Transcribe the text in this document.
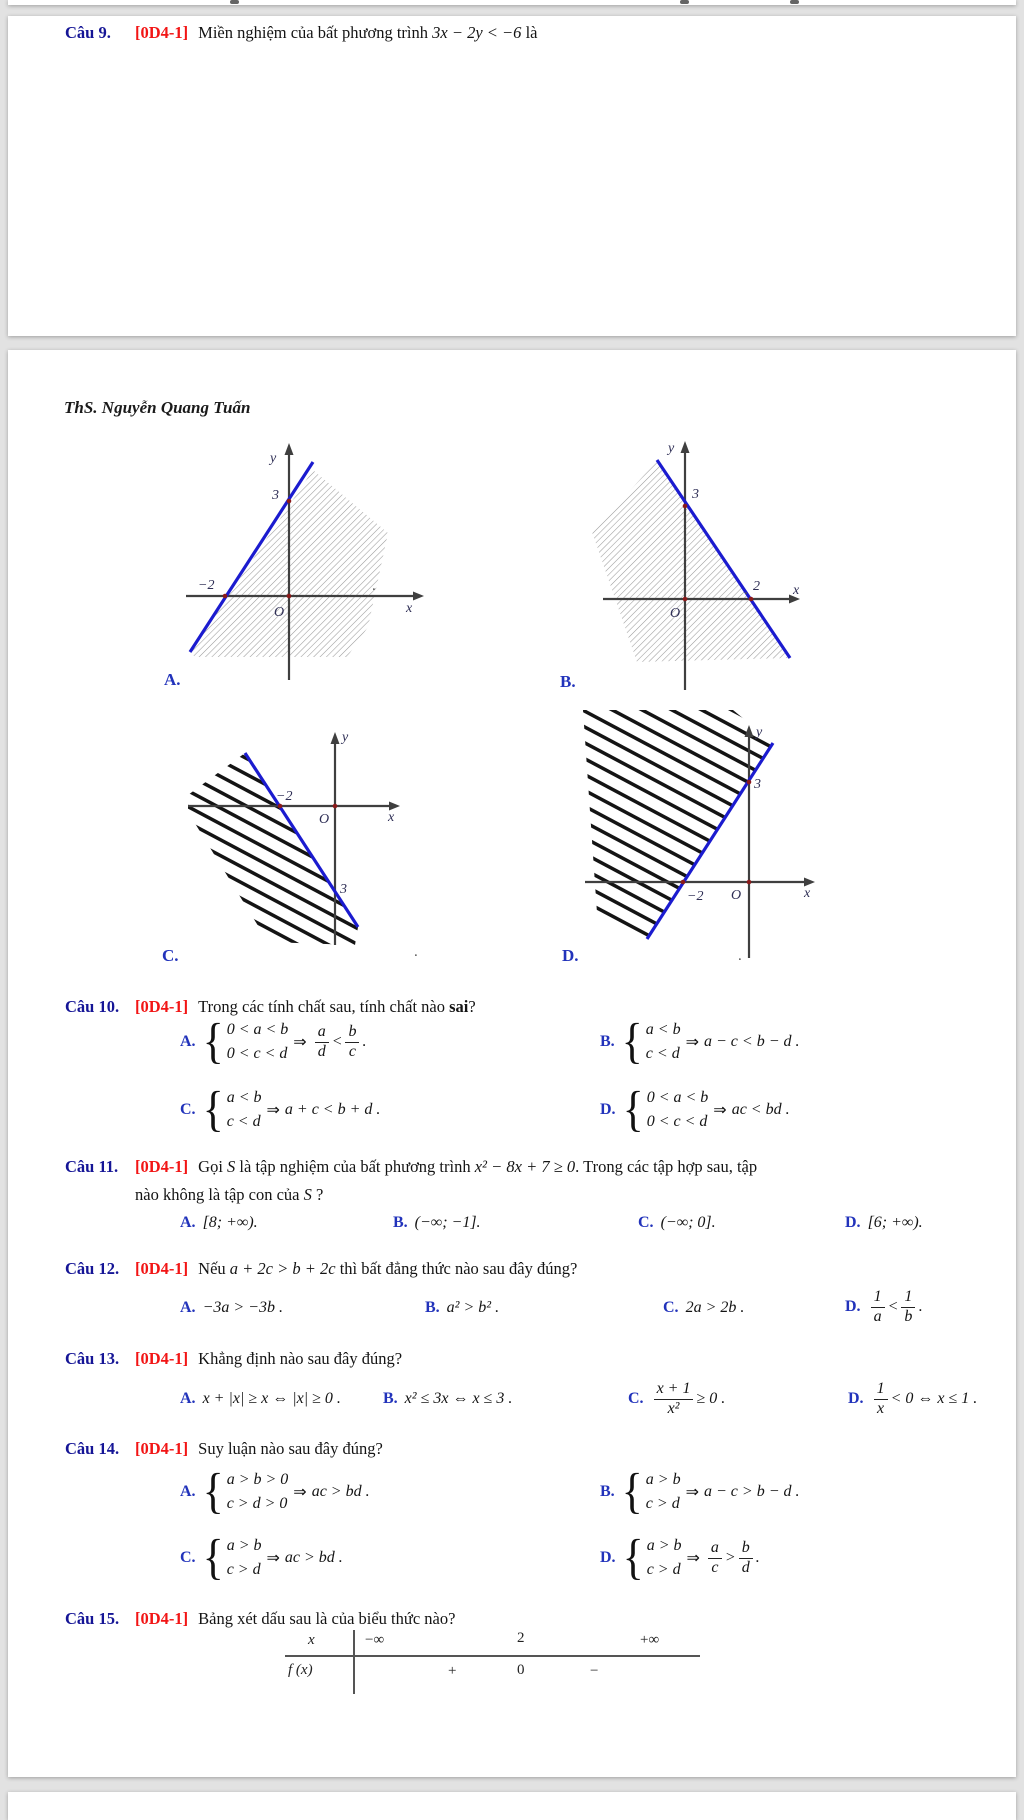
Câu 9. [0D4-1] Miền nghiệm của bất phương trình 3x − 2y < −6 là
ThS. Nguyễn Quang Tuấn
y
x
3
−2
O
A.
.
y
x
3
2
O
B.
.
y
x
−2
3
O
C.	.
y
x
−2
3
O
D.	.
Câu 10. [0D4-1] Trong các tính chất sau, tính chất nào sai?
A. { 0 < a < b
0 < c < d
⇒ $\frac{a}{d} < \frac{b}{c}$ .	B. { a < b
c < d
⇒ a − c < b − d .
C. { a < b
c < d
⇒ a + c < b + d .	D. { 0 < a < b
0 < c < d
⇒ ac < bd .
Câu 11. [0D4-1] Gọi S là tập nghiệm của bất phương trình x² − 8x + 7 ≥ 0. Trong các tập hợp sau, tập
nào không là tập con của S ?
A. [8; +∞).	B. (−∞; −1].	C. (−∞; 0].	D. [6; +∞).
Câu 12. [0D4-1] Nếu a + 2c > b + 2c thì bất đẳng thức nào sau đây đúng?
A. −3a > −3b .	B. a² > b² .	C. 2a > 2b .	D. $\frac{1}{a} < \frac{1}{b}$ .
Câu 13. [0D4-1] Khẳng định nào sau đây đúng?
A. x + |x| ≥ x ⇔ |x| ≥ 0 .	B. x² ≤ 3x ⇔ x ≤ 3 .	C. $\frac{x + 1}{\text{x²}} \ge 0$ .	D. $\frac{1}{x} < 0$ ⇔ x ≤ 1 .
Câu 14. [0D4-1] Suy luận nào sau đây đúng?
A. { a > b > 0
c > d > 0
⇒ ac > bd .	B. { a > b
c > d
⇒ a − c > b − d .
C. { a > b
c > d
⇒ ac > bd .	D. { a > b
c > d
⇒ $\frac{a}{c} > \frac{b}{d}$ .
Câu 15. [0D4-1] Bảng xét dấu sau là của biểu thức nào?
x	−∞	2	+∞
f (x)	+	0	−
